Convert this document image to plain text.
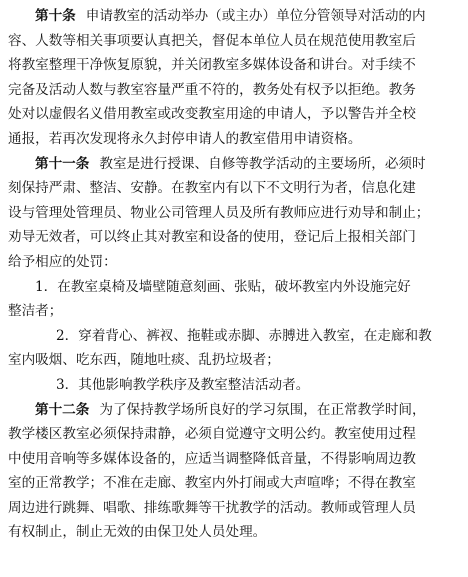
第十条 申请教室的活动举办（或主办）单位分管领导对活动的内
容、人数等相关事项要认真把关，督促本单位人员在规范使用教室后
将教室整理干净恢复原貌，并关闭教室多媒体设备和讲台。对手续不
完备及活动人数与教室容量严重不符的，教务处有权予以拒绝。教务
处对以虚假名义借用教室或改变教室用途的申请人，予以警告并全校
通报，若再次发现将永久封停申请人的教室借用申请资格。
第十一条 教室是进行授课、自修等教学活动的主要场所，必须时
刻保持严肃、整洁、安静。在教室内有以下不文明行为者，信息化建
设与管理处管理员、物业公司管理人员及所有教师应进行劝导和制止；
劝导无效者，可以终止其对教室和设备的使用，登记后上报相关部门
给予相应的处罚：
1．在教室桌椅及墙壁随意刻画、张贴，破坏教室内外设施完好
整洁者；
2．穿着背心、裤衩、拖鞋或赤脚、赤膊进入教室，在走廊和教
室内吸烟、吃东西，随地吐痰、乱扔垃圾者；
3．其他影响教学秩序及教室整洁活动者。
第十二条 为了保持教学场所良好的学习氛围，在正常教学时间，
教学楼区教室必须保持肃静，必须自觉遵守文明公约。教室使用过程
中使用音响等多媒体设备的，应适当调整降低音量，不得影响周边教
室的正常教学；不准在走廊、教室内外打闹或大声喧哗；不得在教室
周边进行跳舞、唱歌、排练歌舞等干扰教学的活动。教师或管理人员
有权制止，制止无效的由保卫处人员处理。
